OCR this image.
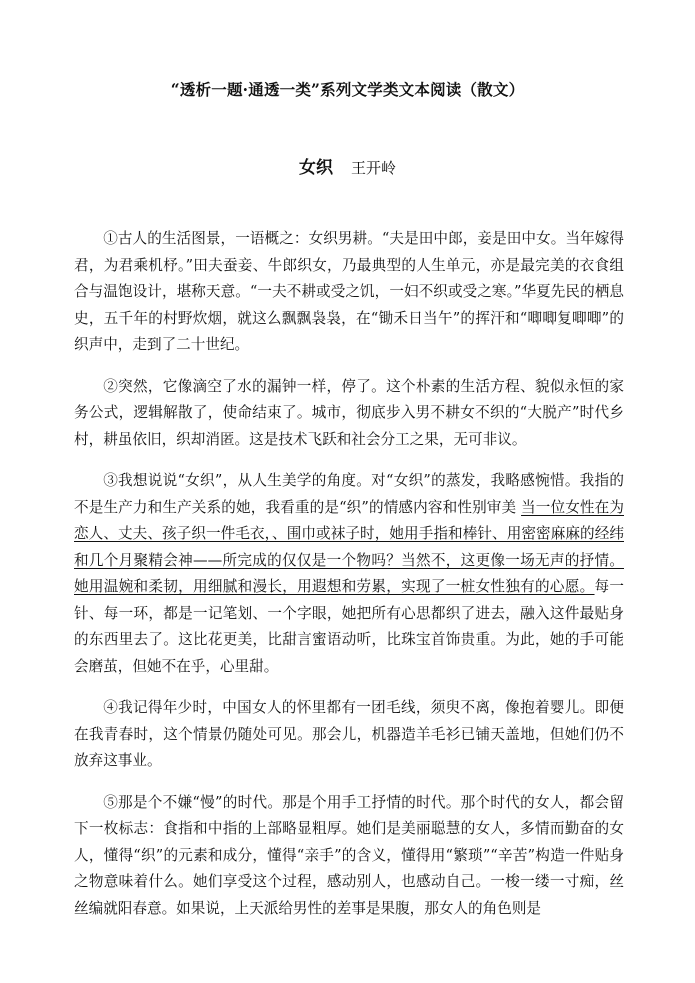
“透析一题·通透一类”系列文学类文本阅读（散文）
女织 王开岭

①古人的生活图景，一语概之：女织男耕。“夫是田中郎，妾是田中女。当年嫁得君，为君乘机杼。”田夫蚕妾、牛郎织女，乃最典型的人生单元，亦是最完美的衣食组合与温饱设计，堪称天意。“一夫不耕或受之饥，一妇不织或受之寒。”华夏先民的栖息史，五千年的村野炊烟，就这么飘飘袅袅，在“锄禾日当午”的挥汗和“唧唧复唧唧”的织声中，走到了二十世纪。

②突然，它像滴空了水的漏钟一样，停了。这个朴素的生活方程、貌似永恒的家务公式，逻辑解散了，使命结束了。城市，彻底步入男不耕女不织的“大脱产”时代乡村，耕虽依旧，织却消匿。这是技术飞跃和社会分工之果，无可非议。

③我想说说“女织”，从人生美学的角度。对“女织”的蒸发，我略感惋惜。我指的不是生产力和生产关系的她，我看重的是“织”的情感内容和性别审美 当一位女性在为恋人、丈夫、孩子织一件毛衣，、围巾或袜子时，她用手指和棒针、用密密麻麻的经纬和几个月聚精会神——所完成的仅仅是一个物吗？当然不，这更像一场无声的抒情。她用温婉和柔韧，用细腻和漫长，用遐想和劳累，实现了一桩女性独有的心愿。每一针、每一环，都是一记笔划、一个字眼，她把所有心思都织了进去，融入这件最贴身的东西里去了。这比花更美，比甜言蜜语动听，比珠宝首饰贵重。为此，她的手可能会磨茧，但她不在乎，心里甜。

④我记得年少时，中国女人的怀里都有一团毛线，须臾不离，像抱着婴儿。即便在我青春时，这个情景仍随处可见。那会儿，机器造羊毛衫已铺天盖地，但她们仍不放弃这事业。

⑤那是个不嫌“慢”的时代。那是个用手工抒情的时代。那个时代的女人，都会留下一枚标志：食指和中指的上部略显粗厚。她们是美丽聪慧的女人，多情而勤奋的女人，懂得“织”的元素和成分，懂得“亲手”的含义，懂得用“繁琐”“辛苦”构造一件贴身之物意味着什么。她们享受这个过程，感动别人，也感动自己。一梭一缕一寸痴，丝丝编就阳春意。如果说，上天派给男性的差事是果腹，那女人的角色则是
